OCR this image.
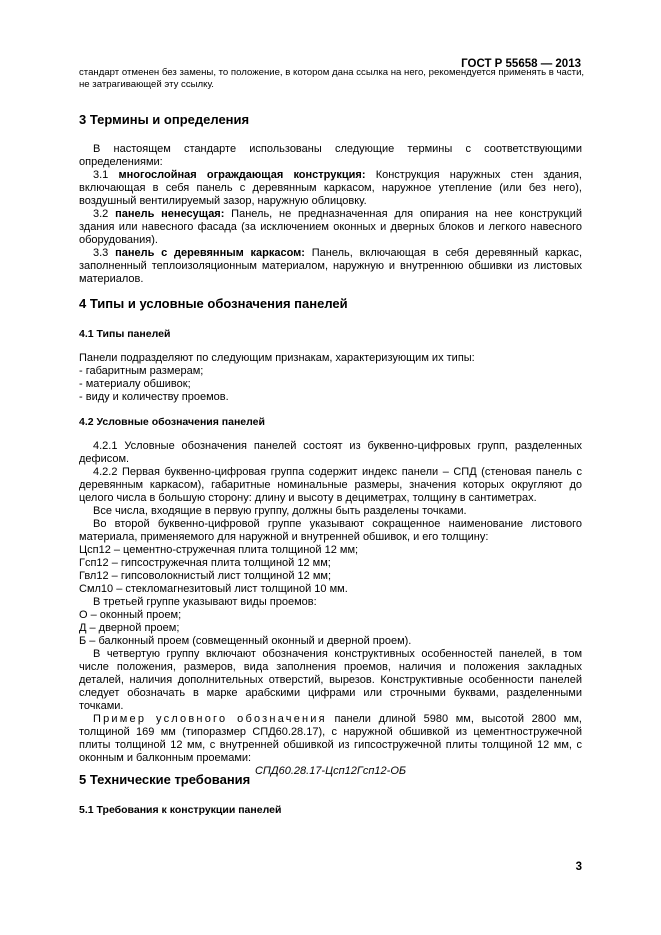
ГОСТ Р 55658 — 2013
стандарт отменен без замены, то положение, в котором дана ссылка на него, рекомендуется применять в части,
не затрагивающей эту ссылку.
3 Термины и определения

В настоящем стандарте использованы следующие термины с соответствующими определениями:

3.1 многослойная ограждающая конструкция: Конструкция наружных стен здания, включающая в себя панель с деревянным каркасом, наружное утепление (или без него), воздушный вентилируемый зазор, наружную облицовку.

3.2 панель ненесущая: Панель, не предназначенная для опирания на нее конструкций здания или навесного фасада (за исключением оконных и дверных блоков и легкого навесного оборудования).

3.3 панель с деревянным каркасом: Панель, включающая в себя деревянный каркас, заполненный теплоизоляционным материалом, наружную и внутреннюю обшивки из листовых материалов.

4 Типы и условные обозначения панелей
4.1 Типы панелей
Панели подразделяют по следующим признакам, характеризующим их типы:
- габаритным размерам;
- материалу обшивок;
- виду и количеству проемов.
4.2 Условные обозначения панелей

4.2.1 Условные обозначения панелей состоят из буквенно-цифровых групп, разделенных дефисом.

4.2.2 Первая буквенно-цифровая группа содержит индекс панели – СПД (стеновая панель с деревянным каркасом), габаритные номинальные размеры, значения которых округляют до целого числа в большую сторону: длину и высоту в дециметрах, толщину в сантиметрах.

Все числа, входящие в первую группу, должны быть разделены точками.

Во второй буквенно-цифровой группе указывают сокращенное наименование листового материала, применяемого для наружной и внутренней обшивок, и его толщину:

Цсп12 – цементно-стружечная плита толщиной 12 мм;
Гсп12 – гипсостружечная плита толщиной 12 мм;
Гвл12 – гипсоволокнистый лист толщиной 12 мм;
Смл10 – стекломагнезитовый лист толщиной 10 мм.

В третьей группе указывают виды проемов:

О – оконный проем;
Д – дверной проем;
Б – балконный проем (совмещенный оконный и дверной проем).

В четвертую группу включают обозначения конструктивных особенностей панелей, в том числе положения, размеров, вида заполнения проемов, наличия и положения закладных деталей, наличия дополнительных отверстий, вырезов. Конструктивные особенности панелей следует обозначать в марке арабскими цифрами или строчными буквами, разделенными точками.

Пример условного обозначения панели длиной 5980 мм, высотой 2800 мм, толщиной 169 мм (типоразмер СПД60.28.17), с наружной обшивкой из цементностружечной плиты толщиной 12 мм, с внутренней обшивкой из гипсостружечной плиты толщиной 12 мм, с оконным и балконным проемами:

СПД60.28.17-Цсп12Гсп12-ОБ

5 Технические требования
5.1 Требования к конструкции панелей
3
